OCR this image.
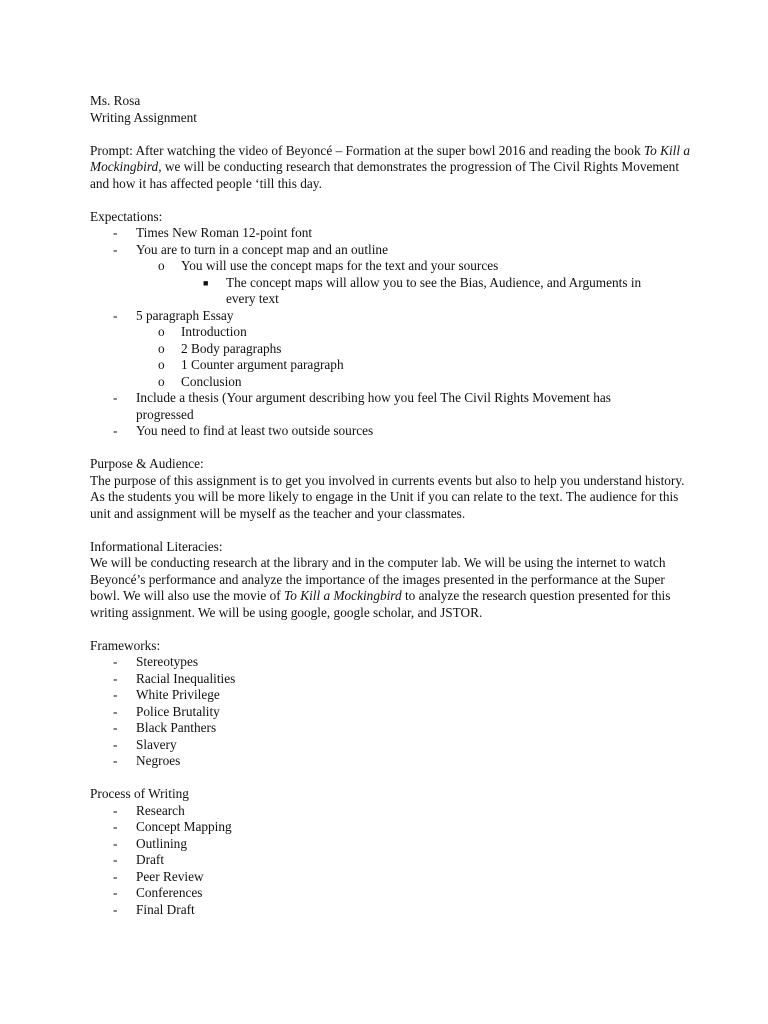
Ms. Rosa
Writing Assignment

Prompt: After watching the video of Beyoncé – Formation at the super bowl 2016 and reading the book To Kill a Mockingbird, we will be conducting research that demonstrates the progression of The Civil Rights Movement and how it has affected people ‘till this day.

Expectations:
-	Times New Roman 12-point font
-	You are to turn in a concept map and an outline
o	You will use the concept maps for the text and your sources
■	The concept maps will allow you to see the Bias, Audience, and Arguments in every text
-	5 paragraph Essay
o	Introduction
o	2 Body paragraphs
o	1 Counter argument paragraph
o	Conclusion
-	Include a thesis (Your argument describing how you feel The Civil Rights Movement has progressed
-	You need to find at least two outside sources
Purpose & Audience:

The purpose of this assignment is to get you involved in currents events but also to help you understand history. As the students you will be more likely to engage in the Unit if you can relate to the text. The audience for this unit and assignment will be myself as the teacher and your classmates.

Informational Literacies:

We will be conducting research at the library and in the computer lab. We will be using the internet to watch Beyoncé’s performance and analyze the importance of the images presented in the performance at the Super bowl. We will also use the movie of To Kill a Mockingbird to analyze the research question presented for this writing assignment. We will be using google, google scholar, and JSTOR.

Frameworks:
-	Stereotypes
-	Racial Inequalities
-	White Privilege
-	Police Brutality
-	Black Panthers
-	Slavery
-	Negroes
Process of Writing
-	Research
-	Concept Mapping
-	Outlining
-	Draft
-	Peer Review
-	Conferences
-	Final Draft
